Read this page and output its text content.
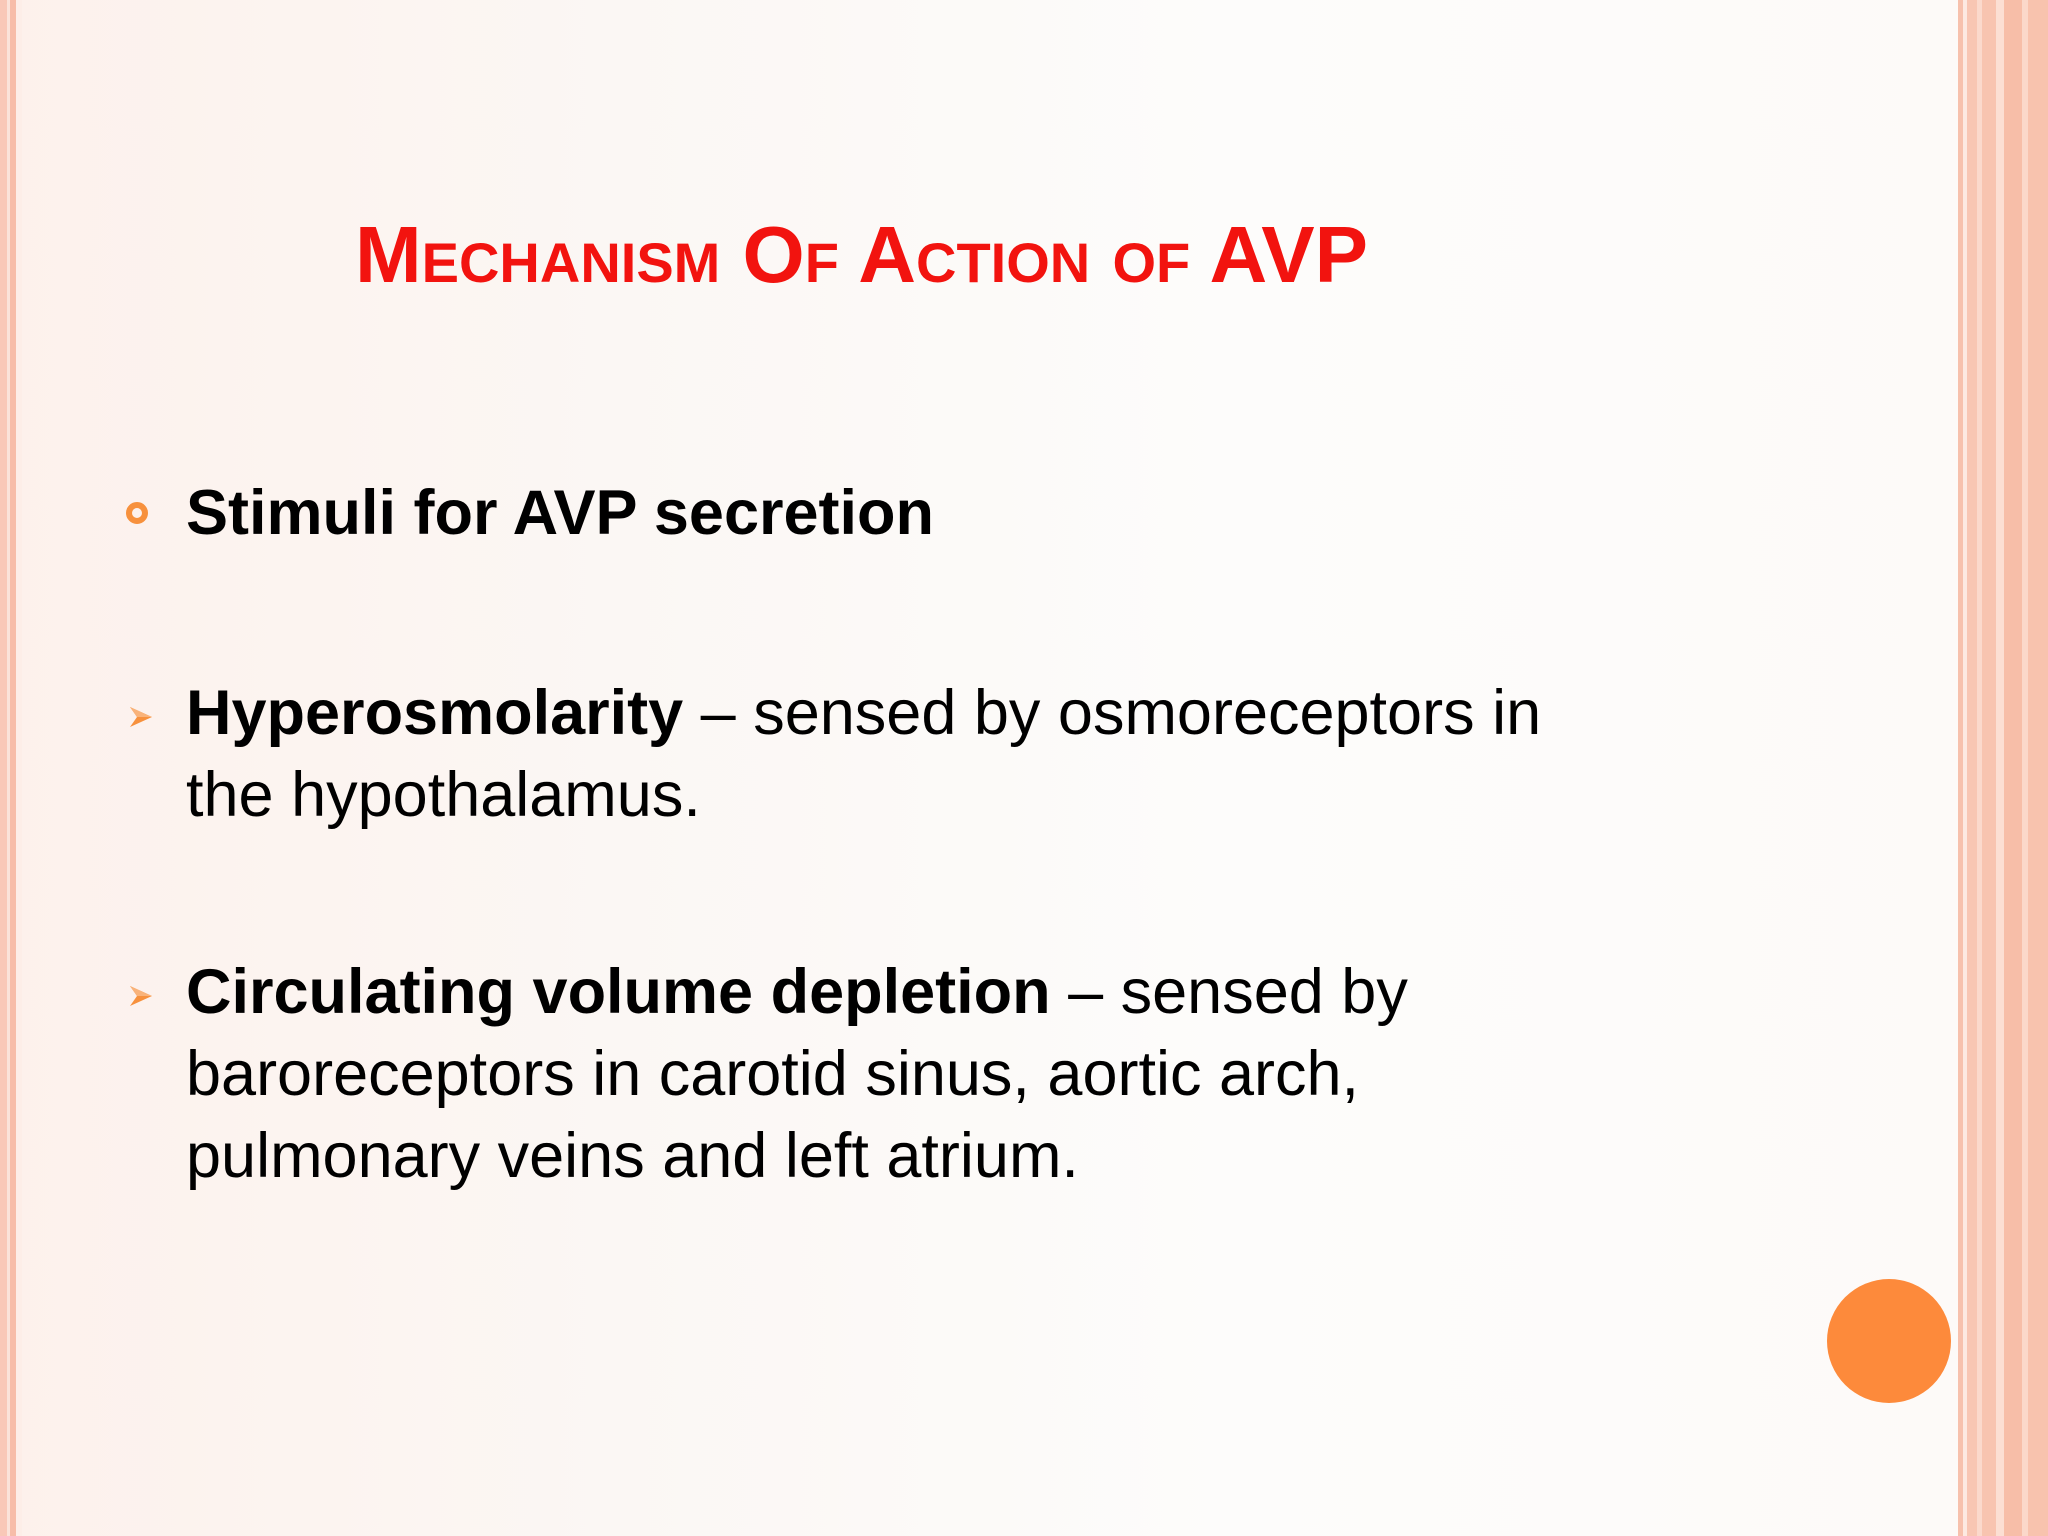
Mechanism Of Action of AVP

Stimuli for AVP secretion

Hyperosmolarity – sensed by osmoreceptors in
the hypothalamus.

Circulating volume depletion – sensed by
baroreceptors in carotid sinus, aortic arch,
pulmonary veins and left atrium.
